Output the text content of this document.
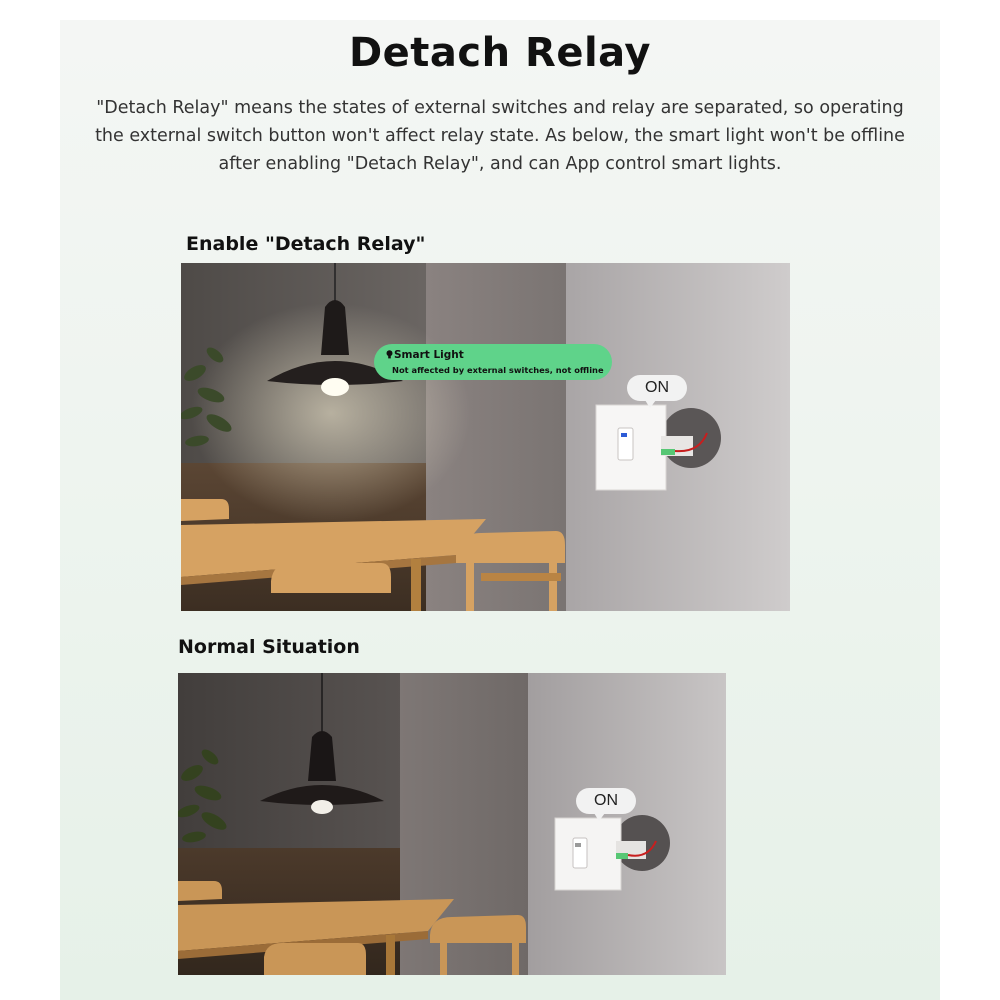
Detach Relay
"Detach Relay" means the states of external switches and relay are separated, so operating the external switch button won't affect relay state. As below, the smart light won't be offline after enabling "Detach Relay", and can App control smart lights.
Enable "Detach Relay"
Smart Light
Not affected by external switches, not offline
ON
Normal Situation
ON
